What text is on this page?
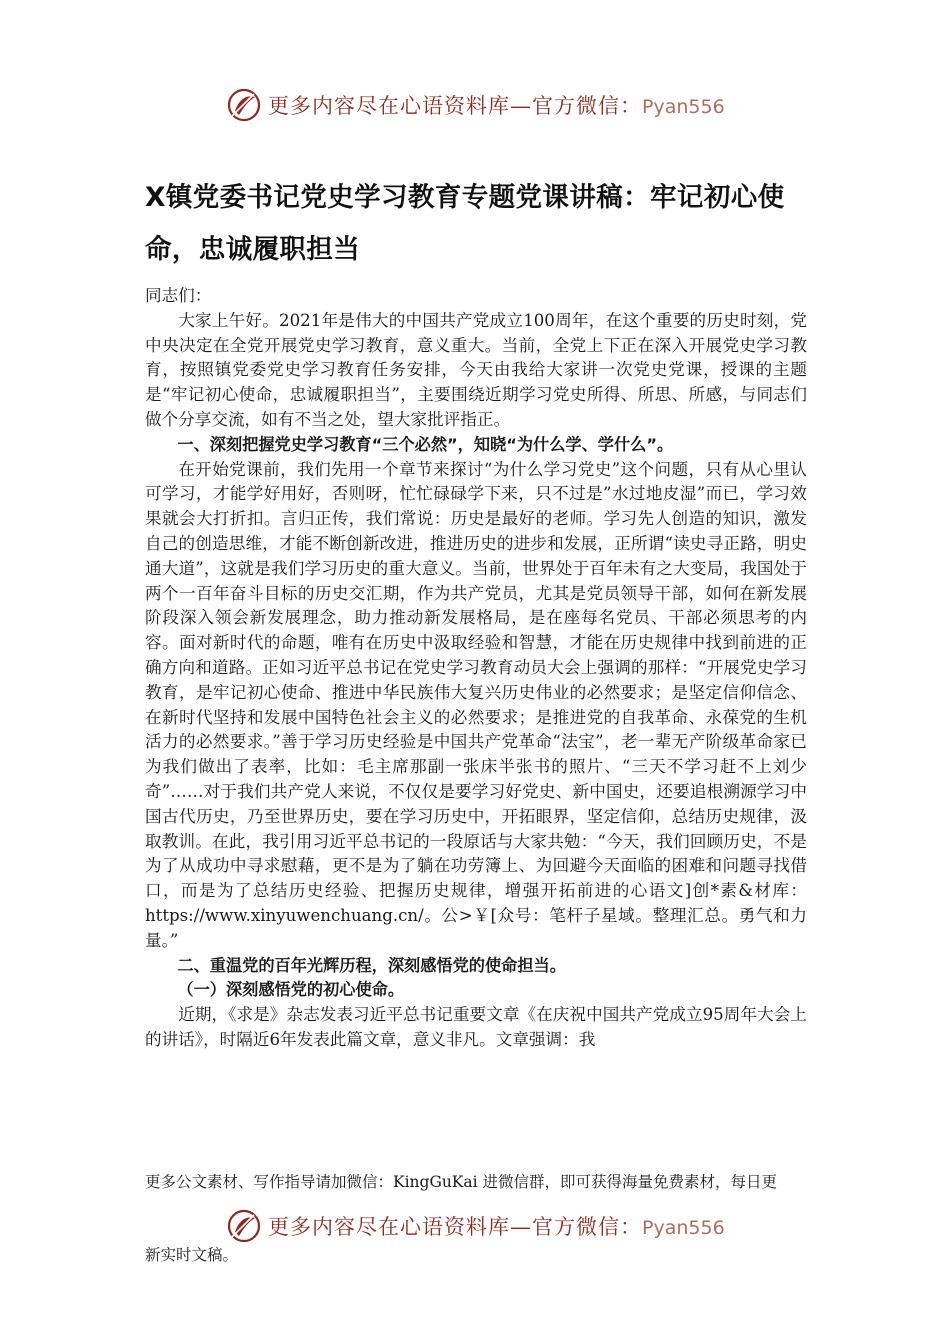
更多内容尽在心语资料库—官方微信：Pyan556
X镇党委书记党史学习教育专题党课讲稿：牢记初心使命，忠诚履职担当

同志们：

大家上午好。2021年是伟大的中国共产党成立100周年，在这个重要的历史时刻，党中央决定在全党开展党史学习教育，意义重大。当前，全党上下正在深入开展党史学习教育，按照镇党委党史学习教育任务安排，今天由我给大家讲一次党史党课，授课的主题是“牢记初心使命，忠诚履职担当”，主要围绕近期学习党史所得、所思、所感，与同志们做个分享交流，如有不当之处，望大家批评指正。

一、深刻把握党史学习教育“三个必然”，知晓“为什么学、学什么”。

在开始党课前，我们先用一个章节来探讨“为什么学习党史”这个问题，只有从心里认可学习，才能学好用好，否则呀，忙忙碌碌学下来，只不过是”水过地皮湿”而已，学习效果就会大打折扣。言归正传，我们常说：历史是最好的老师。学习先人创造的知识，激发自己的创造思维，才能不断创新改进，推进历史的进步和发展，正所谓“读史寻正路，明史通大道”，这就是我们学习历史的重大意义。当前，世界处于百年未有之大变局，我国处于两个一百年奋斗目标的历史交汇期，作为共产党员，尤其是党员领导干部，如何在新发展阶段深入领会新发展理念，助力推动新发展格局，是在座每名党员、干部必须思考的内容。面对新时代的命题，唯有在历史中汲取经验和智慧，才能在历史规律中找到前进的正确方向和道路。正如习近平总书记在党史学习教育动员大会上强调的那样：“开展党史学习教育，是牢记初心使命、推进中华民族伟大复兴历史伟业的必然要求；是坚定信仰信念、在新时代坚持和发展中国特色社会主义的必然要求；是推进党的自我革命、永葆党的生机活力的必然要求。”善于学习历史经验是中国共产党革命“法宝”，老一辈无产阶级革命家已为我们做出了表率，比如：毛主席那副一张床半张书的照片、“三天不学习赶不上刘少奇”……对于我们共产党人来说，不仅仅是要学习好党史、新中国史，还要追根溯源学习中国古代历史，乃至世界历史，要在学习历史中，开拓眼界，坚定信仰，总结历史规律，汲取教训。在此，我引用习近平总书记的一段原话与大家共勉：“今天，我们回顾历史，不是为了从成功中寻求慰藉，更不是为了躺在功劳簿上、为回避今天面临的困难和问题寻找借口，而是为了总结历史经验、把握历史规律，增强开拓前进的心语文]创*素&材库：https://www.xinyuwenchuang.cn/。公>￥[众号：笔杆子星域。整理汇总。勇气和力量。”

二、重温党的百年光辉历程，深刻感悟党的使命担当。

（一）深刻感悟党的初心使命。

近期，《求是》杂志发表习近平总书记重要文章《在庆祝中国共产党成立95周年大会上的讲话》，时隔近6年发表此篇文章，意义非凡。文章强调：我

更多公文素材、写作指导请加微信：KingGuKai 进微信群，即可获得海量免费素材，每日更
更多内容尽在心语资料库—官方微信：Pyan556
新实时文稿。
